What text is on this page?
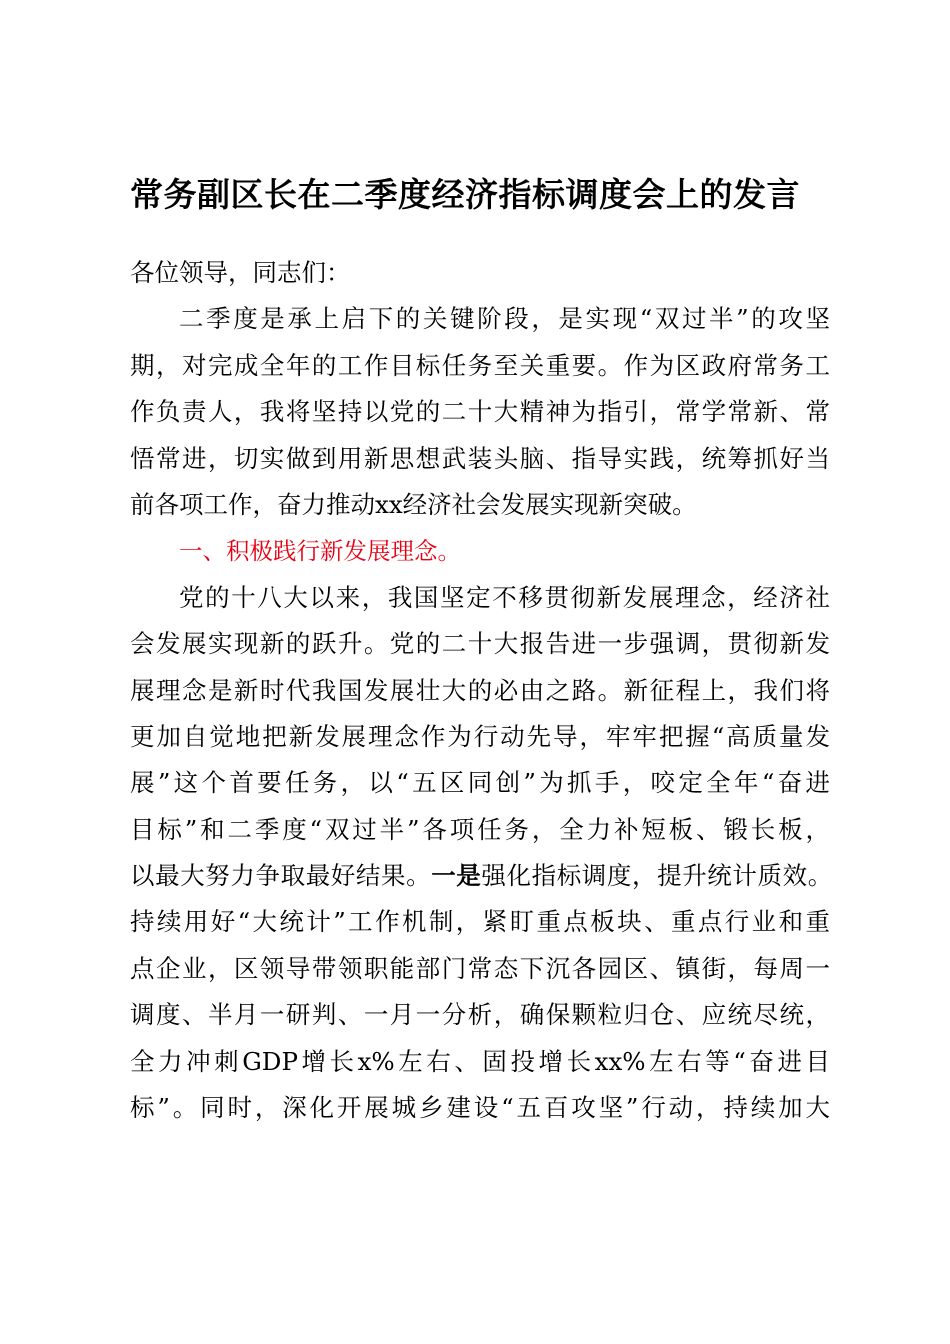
常务副区长在二季度经济指标调度会上的发言
各位领导，同志们：
二季度是承上启下的关键阶段，是实现“双过半”的攻坚
期，对完成全年的工作目标任务至关重要。作为区政府常务工
作负责人，我将坚持以党的二十大精神为指引，常学常新、常
悟常进，切实做到用新思想武装头脑、指导实践，统筹抓好当
前各项工作，奋力推动xx经济社会发展实现新突破。
一、积极践行新发展理念。
党的十八大以来，我国坚定不移贯彻新发展理念，经济社
会发展实现新的跃升。党的二十大报告进一步强调，贯彻新发
展理念是新时代我国发展壮大的必由之路。新征程上，我们将
更加自觉地把新发展理念作为行动先导，牢牢把握“高质量发
展”这个首要任务，以“五区同创”为抓手，咬定全年“奋进
目标”和二季度“双过半”各项任务，全力补短板、锻长板，
以最大努力争取最好结果。一是强化指标调度，提升统计质效。
持续用好“大统计”工作机制，紧盯重点板块、重点行业和重
点企业，区领导带领职能部门常态下沉各园区、镇街，每周一
调度、半月一研判、一月一分析，确保颗粒归仓、应统尽统，
全力冲刺GDP增长x%左右、固投增长xx%左右等“奋进目
标”。同时，深化开展城乡建设“五百攻坚”行动，持续加大
